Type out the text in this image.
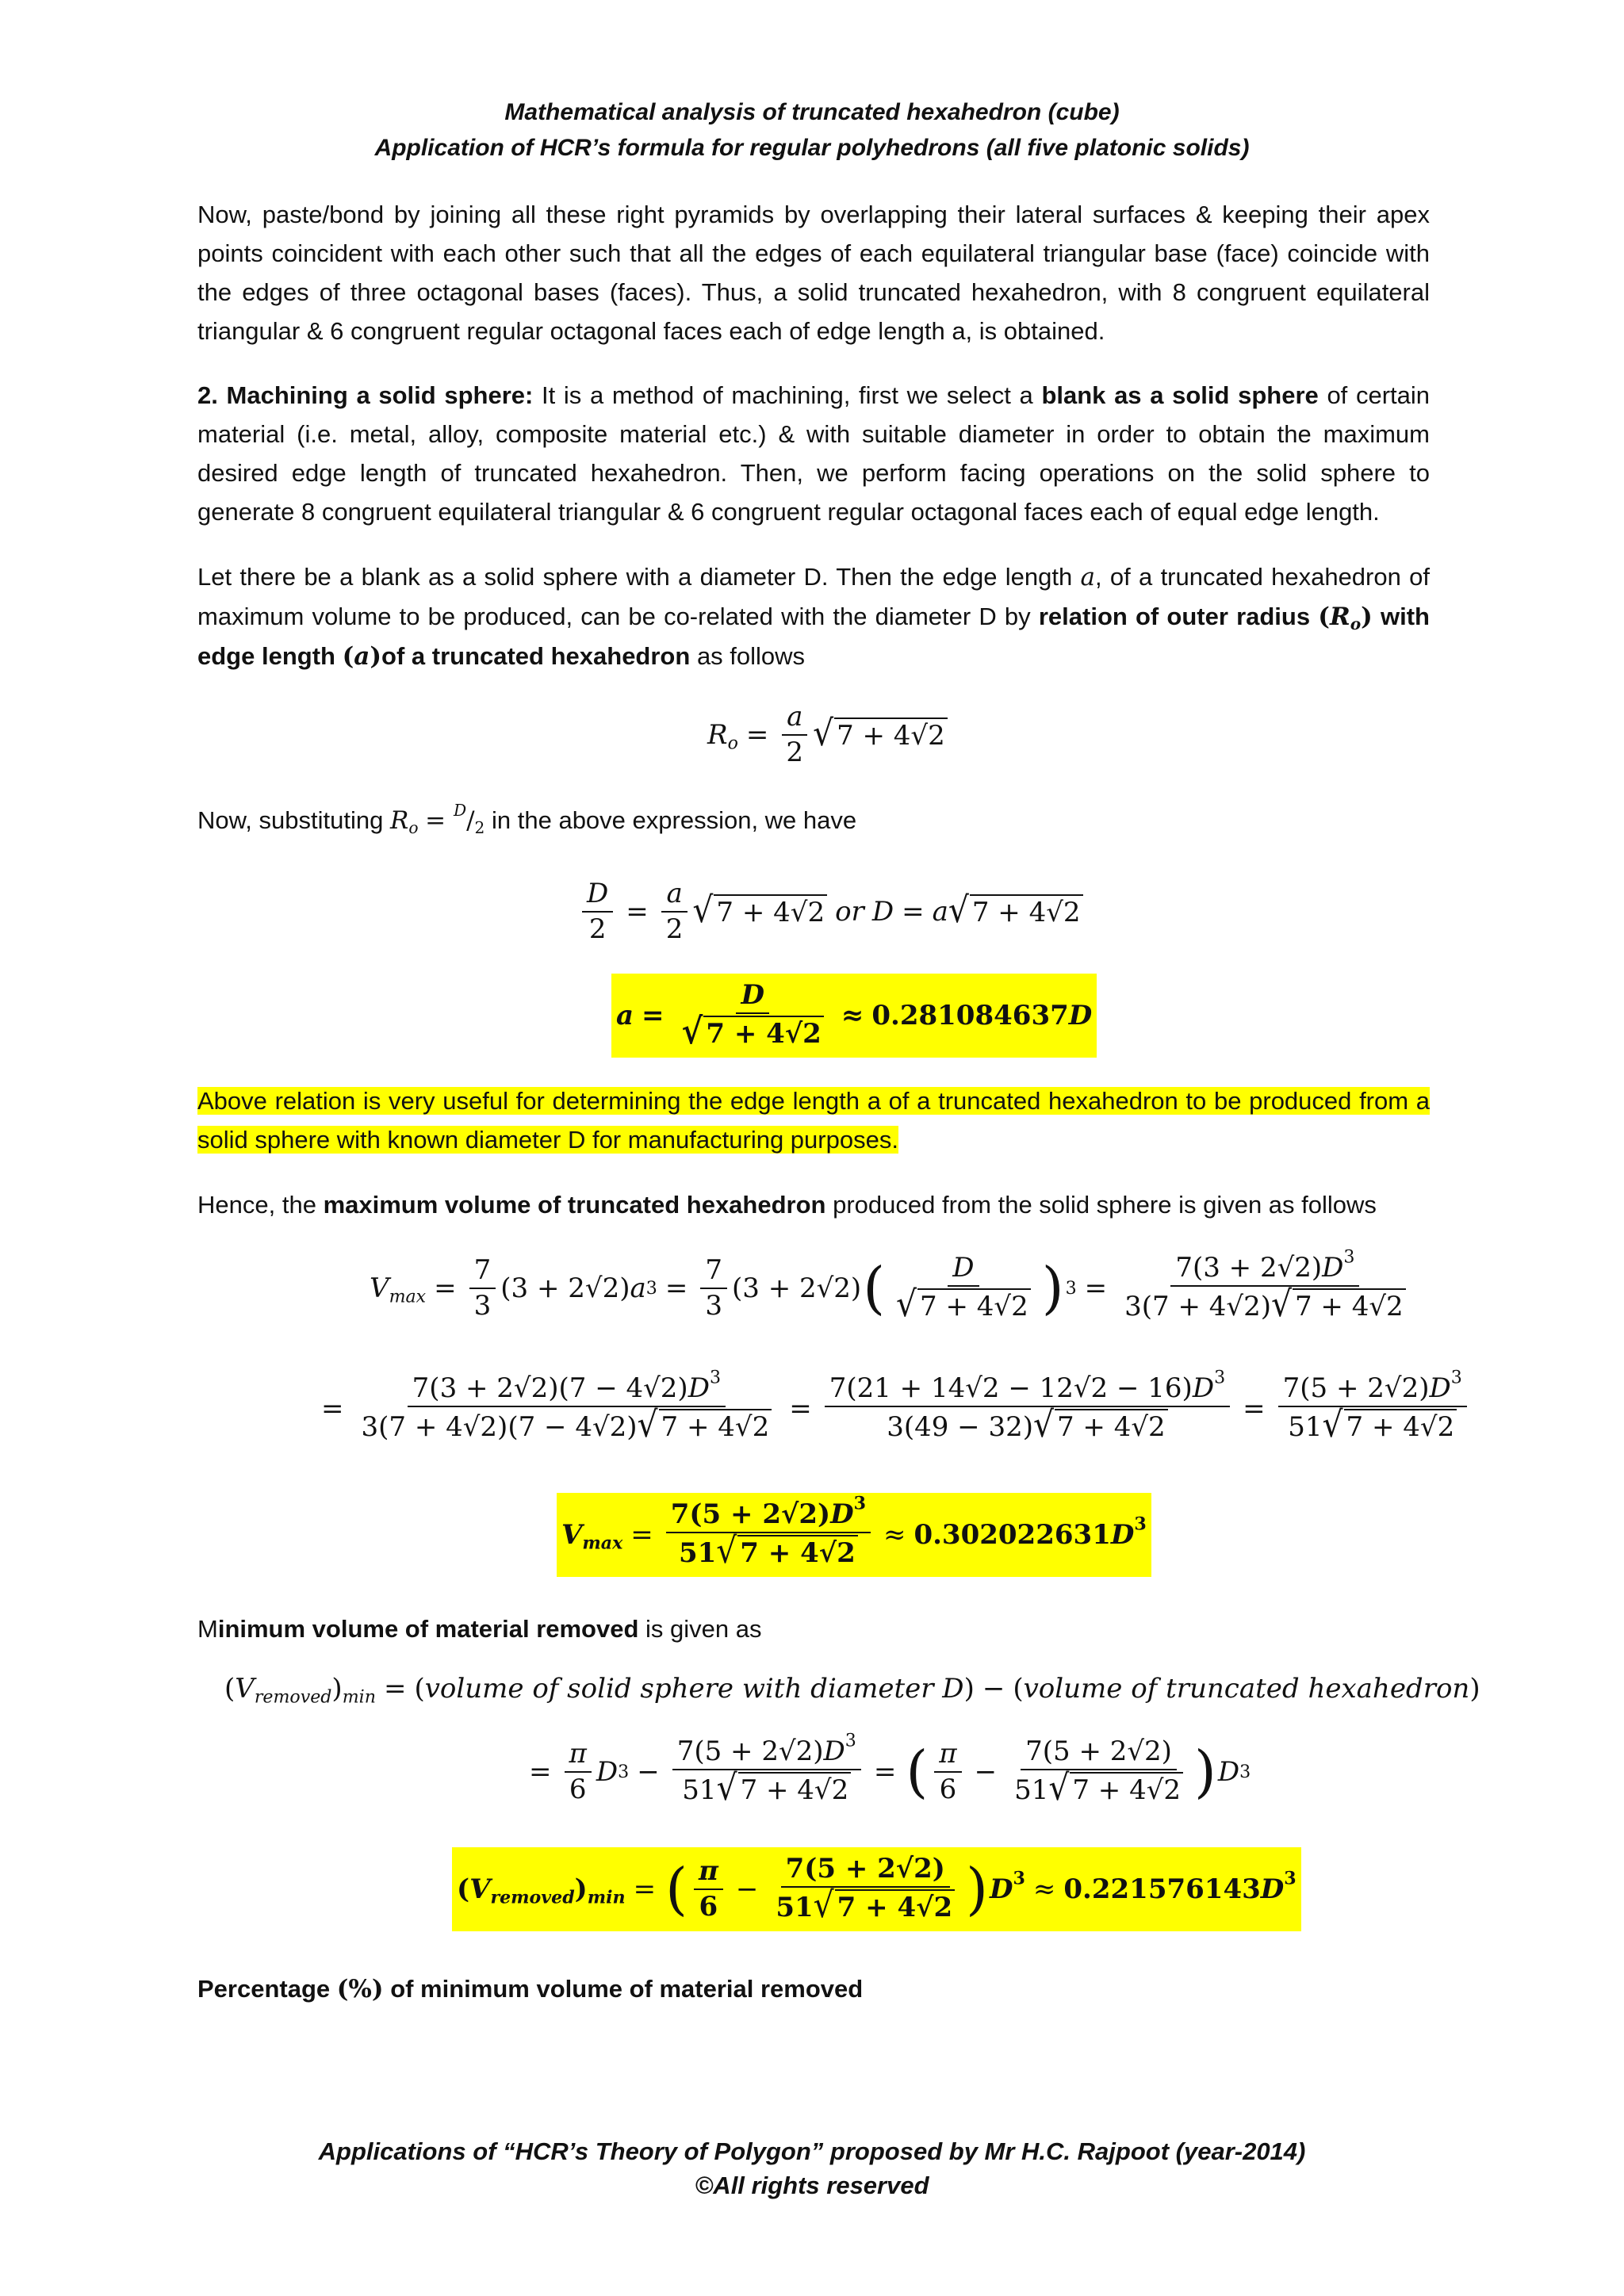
Mathematical analysis of truncated hexahedron (cube)
Application of HCR’s formula for regular polyhedrons (all five platonic solids)

Now, paste/bond by joining all these right pyramids by overlapping their lateral surfaces & keeping their apex points coincident with each other such that all the edges of each equilateral triangular base (face) coincide with the edges of three octagonal bases (faces). Thus, a solid truncated hexahedron, with 8 congruent equilateral triangular & 6 congruent regular octagonal faces each of edge length a, is obtained.

2. Machining a solid sphere: It is a method of machining, first we select a blank as a solid sphere of certain material (i.e. metal, alloy, composite material etc.) & with suitable diameter in order to obtain the maximum desired edge length of truncated hexahedron. Then, we perform facing operations on the solid sphere to generate 8 congruent equilateral triangular & 6 congruent regular octagonal faces each of equal edge length.

Let there be a blank as a solid sphere with a diameter D. Then the edge length a, of a truncated hexahedron of maximum volume to be produced, can be co-related with the diameter D by relation of outer radius $(R_o)$ with edge length (a)of a truncated hexahedron as follows

$R_o = \frac{a}{2}$ √ 7 + 4√2
Now, substituting $R_o = ^D/_2$ in the above expression, we have
$\frac{D}{2} = \frac{a}{2}$ √ 7 + 4√2 or D = a √ 7 + 4√2
$a = \frac{D}{√ 7 + 4√2} \approx 0.281084637$ D

Above relation is very useful for determining the edge length a of a truncated hexahedron to be produced from a solid sphere with known diameter D for manufacturing purposes.

Hence, the maximum volume of truncated hexahedron produced from the solid sphere is given as follows

$V_{max} = \frac{7}{3} (3 + 2√2)$ a $3 = \frac{7}{3} (3 + 2√2)$ ( $\frac{D}{√ 7 + 4√2}$ ) $3 = \frac{7(3 + 2√2)D^3}{3(7 + 4√2) √ 7 + 4√2}$
= $\frac{7(3 + 2√2)(7 - 4√2)D^3}{3(7 + 4√2)(7 - 4√2) √ 7 + 4√2} = \frac{7(21 + 14√2 - 12√2 - 16)D^3}{3(49 - 32) √ 7 + 4√2} = \frac{7(5 + 2√2)D^3}{51 √ 7 + 4√2}$
$V_{max} = \frac{7(5 + 2√2)D^3}{51 √ 7 + 4√2} \approx 0.302022631$ $D^3$

Minimum volume of material removed is given as

( $V_{removed}$ ) $_{min}$ = ( volume of solid sphere with diameter D ) − ( volume of truncated hexahedron )
= $\frac{\pi}{6}$ D $3 - \frac{7(5 + 2√2)D^3}{51 √ 7 + 4√2}$ = ( $\frac{\pi}{6} - \frac{7(5 + 2√2)}{51 √ 7 + 4√2}$ ) D 3
$(V_{removed})_{min}$ = ( $\frac{\pi}{6} - \frac{7(5 + 2√2)}{51 √ 7 + 4√2}$ ) $D^3 \approx 0.221576143$ $D^3$

Percentage (%) of minimum volume of material removed

Applications of “HCR’s Theory of Polygon” proposed by Mr H.C. Rajpoot (year-2014)
©All rights reserved
